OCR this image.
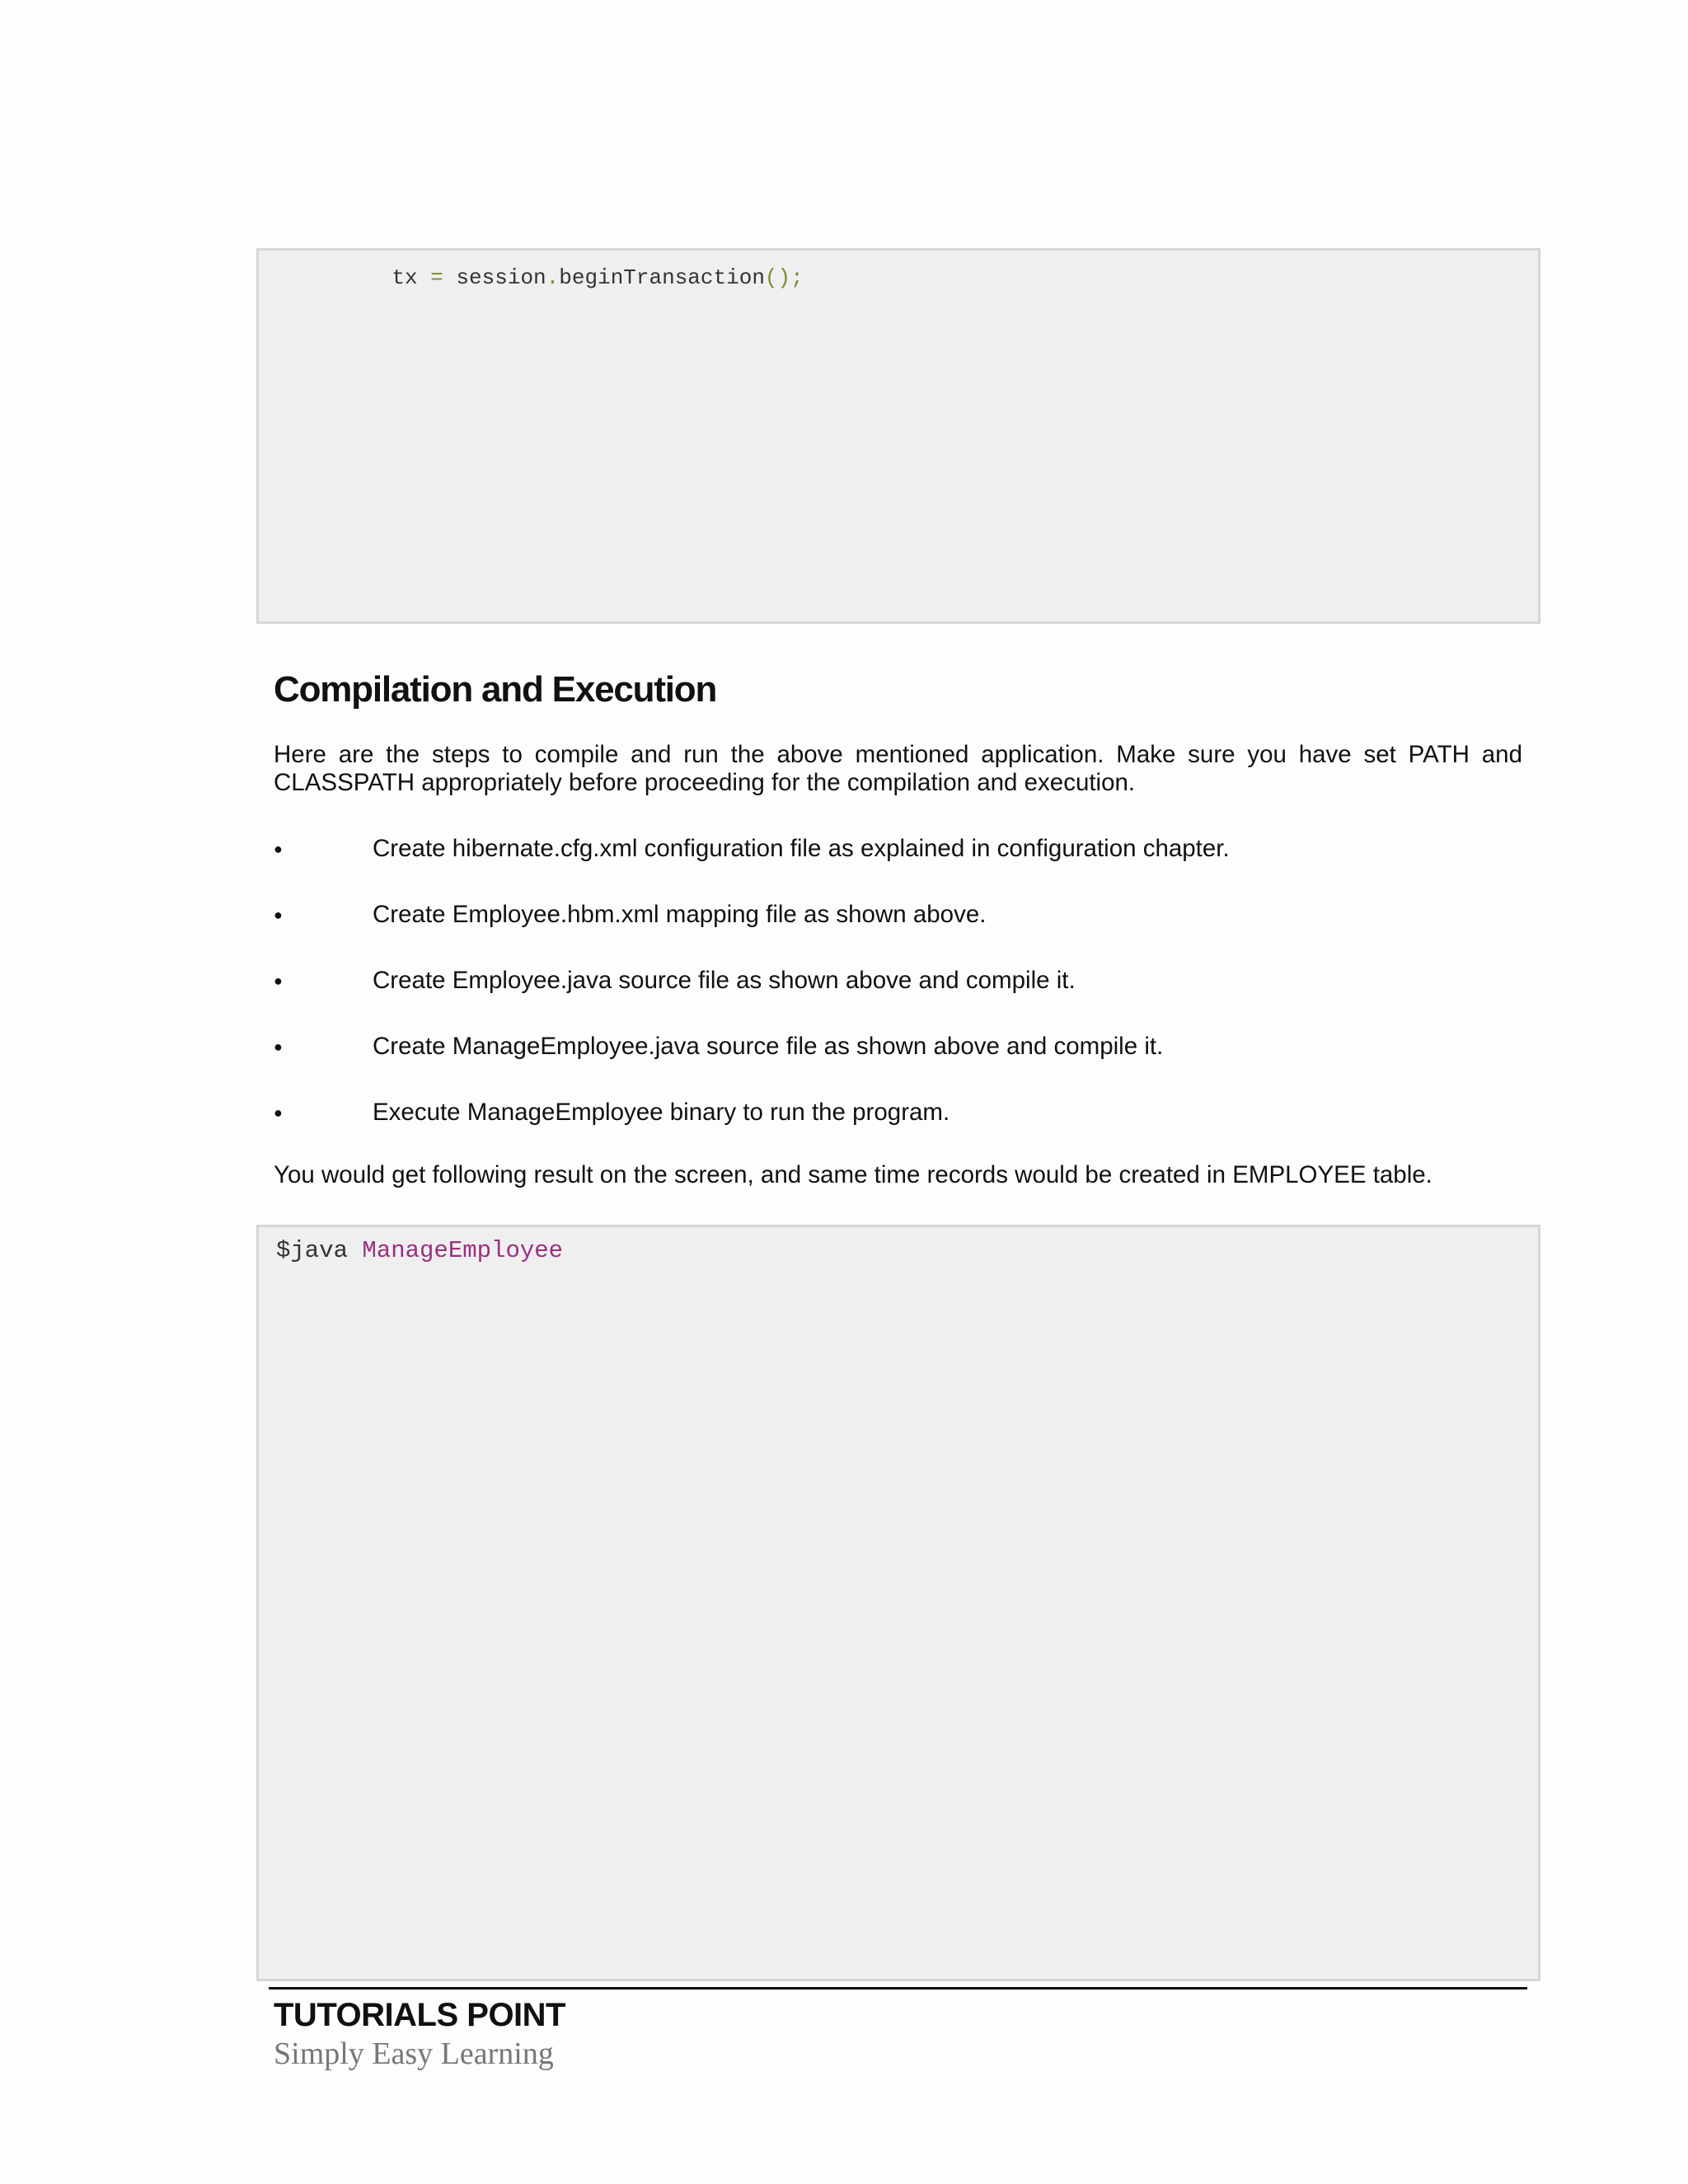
tx = session.beginTransaction();

Compilation and Execution

Here are the steps to compile and run the above mentioned application. Make sure you have set PATH and CLASSPATH appropriately before proceeding for the compilation and execution.

●
Create hibernate.cfg.xml configuration file as explained in configuration chapter.
●
Create Employee.hbm.xml mapping file as shown above.
●
Create Employee.java source file as shown above and compile it.
●
Create ManageEmployee.java source file as shown above and compile it.
●
Execute ManageEmployee binary to run the program.

You would get following result on the screen, and same time records would be created in EMPLOYEE table.

$java ManageEmployee

TUTORIALS POINT
Simply Easy Learning
